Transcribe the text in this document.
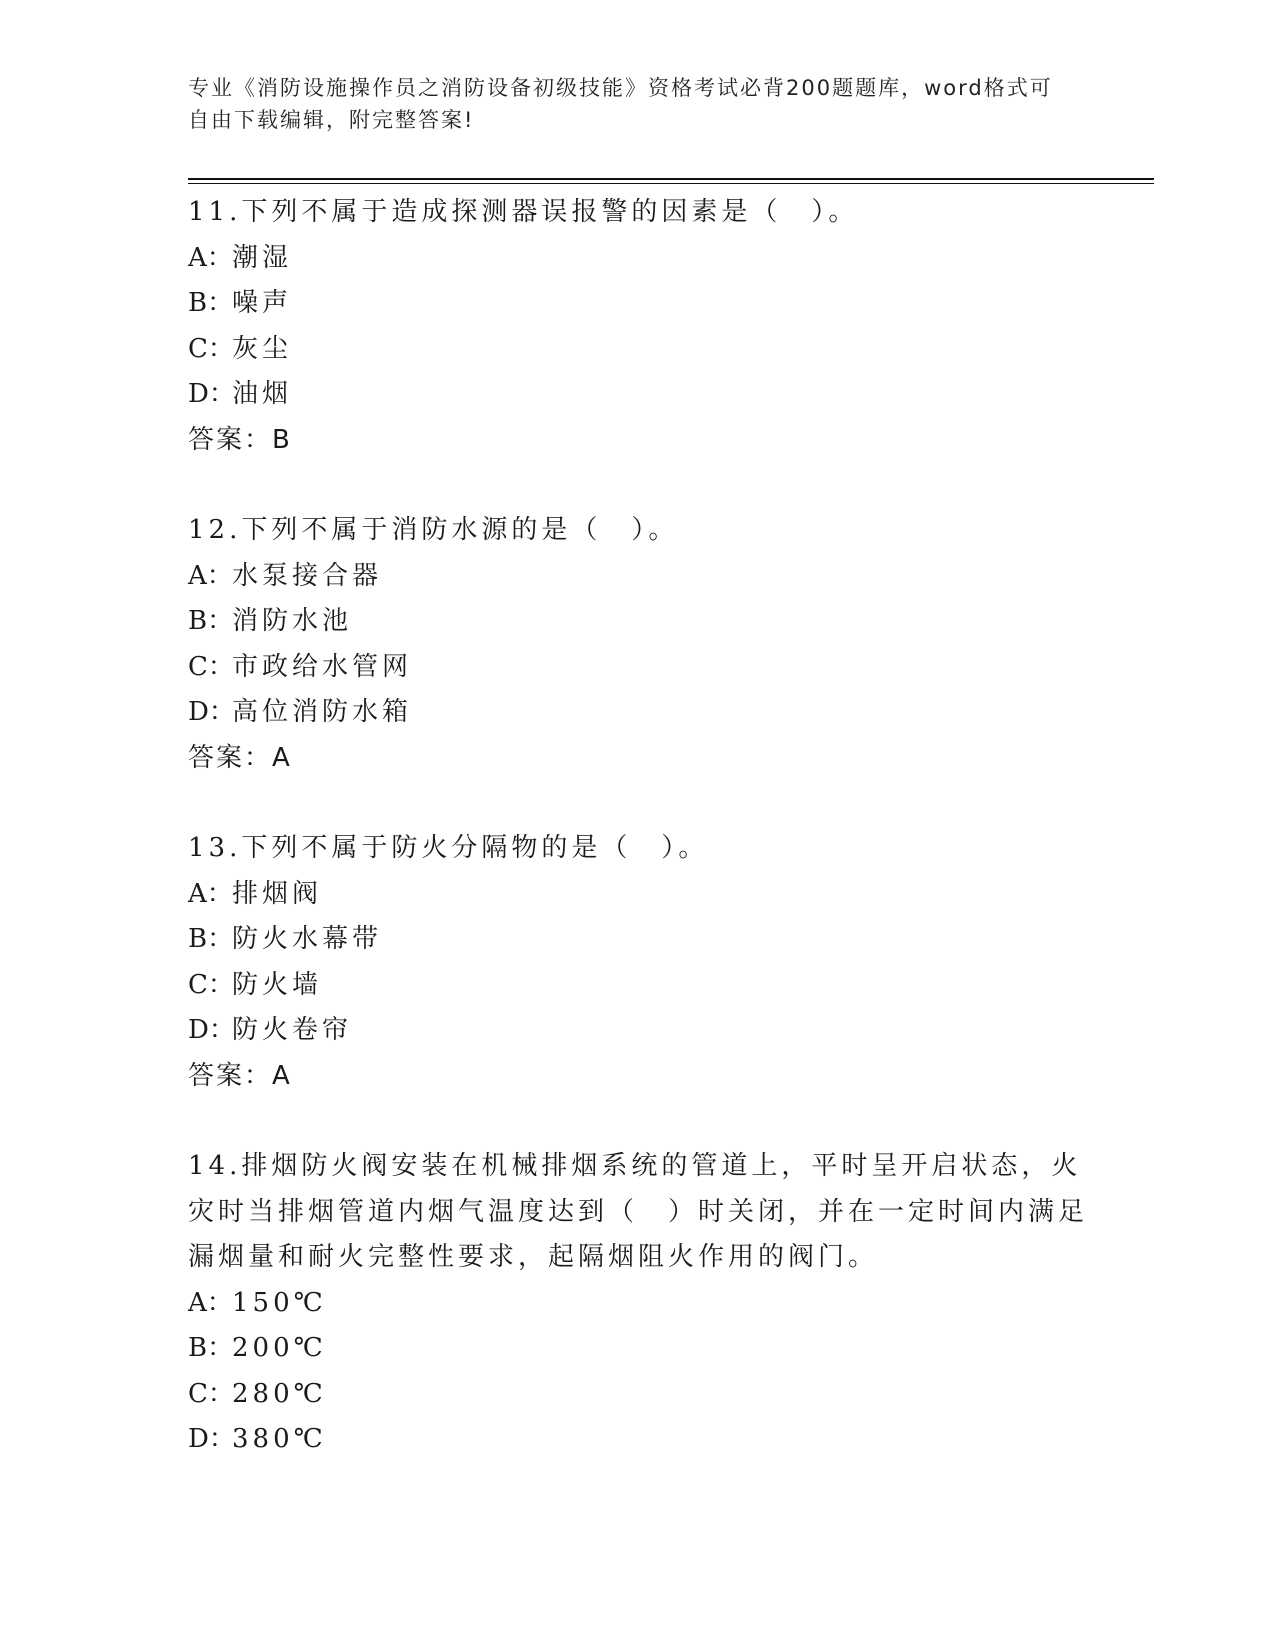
专业《消防设施操作员之消防设备初级技能》资格考试必背200题题库，word格式可自由下载编辑，附完整答案!
11.下列不属于造成探测器误报警的因素是（　）。
A： 潮湿
B：
噪声
C：
灰尘
D：
油烟
答案：B
12.下列不属于消防水源的是（　）。
A： 水泵接合器
B：
消防水池
C：
市政给水管网
D：
高位消防水箱
答案：A
13.下列不属于防火分隔物的是（　）。
A： 排烟阀
B：
防火水幕带
C：
防火墙
D：
防火卷帘
答案：A
14.排烟防火阀安装在机械排烟系统的管道上，平时呈开启状态，火灾时当排烟管道内烟气温度达到（　）时关闭，并在一定时间内满足漏烟量和耐火完整性要求，起隔烟阻火作用的阀门。
A： 150℃
B：
200℃
C：
280℃
D：
380℃
